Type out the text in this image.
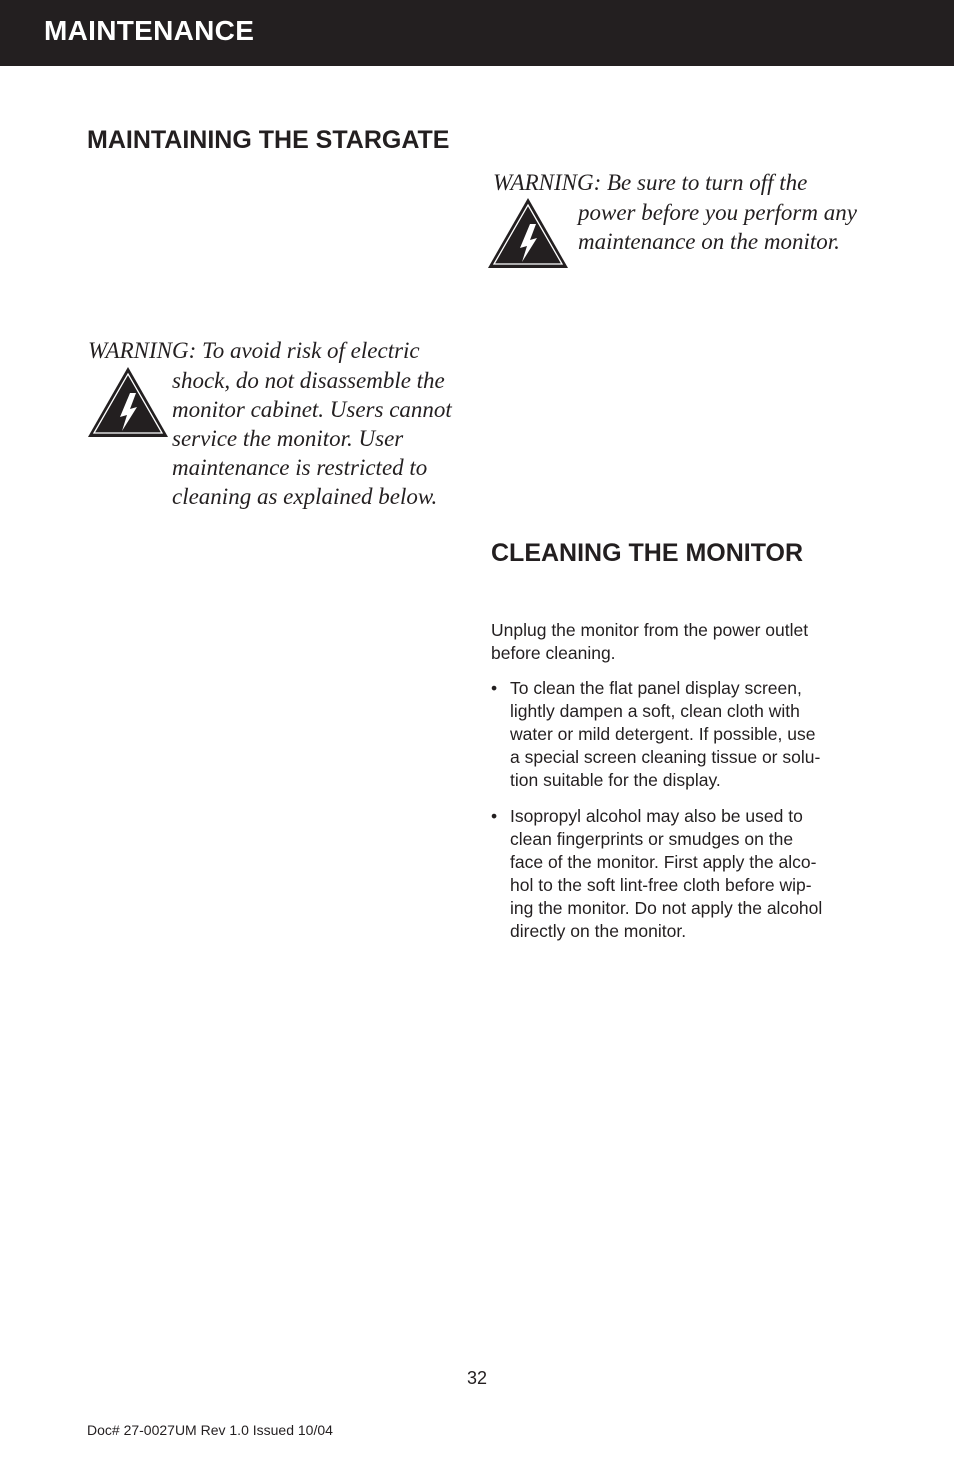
MAINTENANCE
MAINTAINING THE STARGATE
WARNING: Be sure to turn off the
power before you perform any
maintenance on the monitor.
WARNING: To avoid risk of electric
shock, do not disassemble the
monitor cabinet. Users cannot
service the monitor. User
maintenance is restricted to
cleaning as explained below.
CLEANING THE MONITOR
Unplug the monitor from the power outlet
before cleaning.
• To clean the flat panel display screen,
lightly dampen a soft, clean cloth with
water or mild detergent. If possible, use
a special screen cleaning tissue or solu-
tion suitable for the display.
• Isopropyl alcohol may also be used to
clean fingerprints or smudges on the
face of the monitor. First apply the alco-
hol to the soft lint-free cloth before wip-
ing the monitor. Do not apply the alcohol
directly on the monitor.
32
Doc# 27-0027UM Rev 1.0 Issued 10/04
